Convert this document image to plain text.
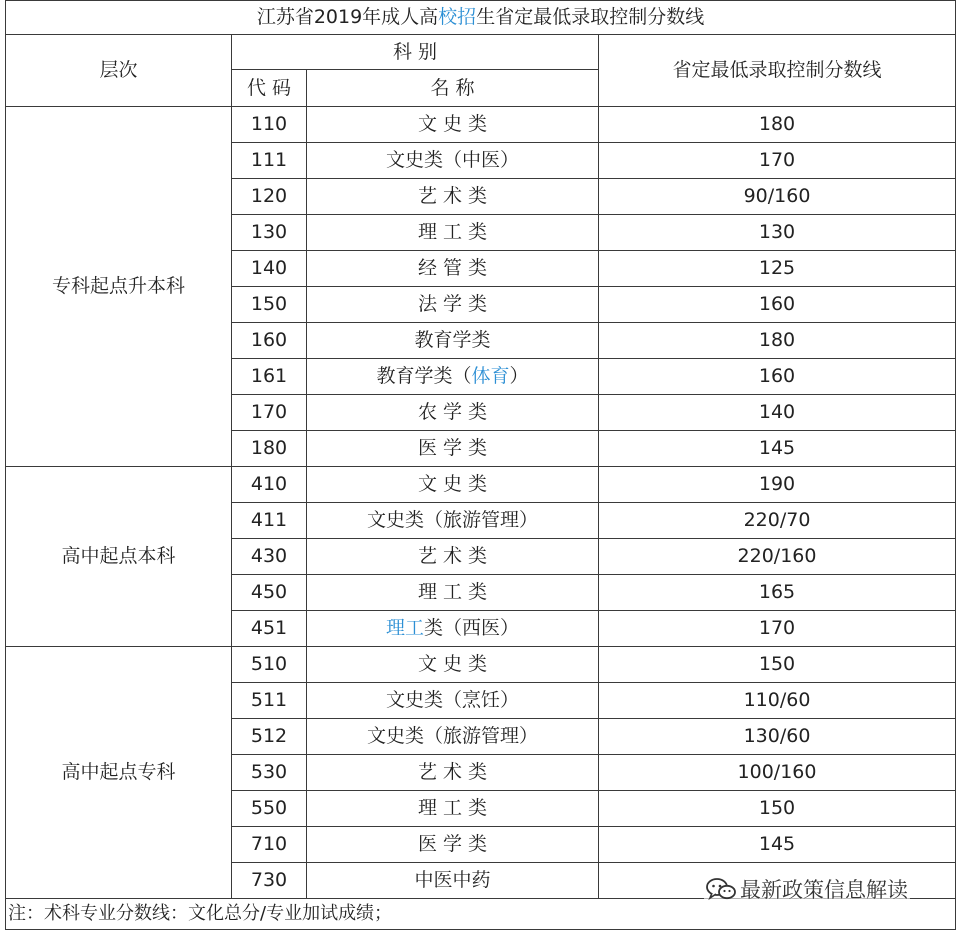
江苏省2019年成人高校招生省定最低录取控制分数线			
层次	科 别		省定最低录取控制分数线
	代 码	名 称	
专科起点升本科	110	文 史 类	180
	111	文史类（中医）	170
	120	艺 术 类	90/160
	130	理 工 类	130
	140	经 管 类	125
	150	法 学 类	160
	160	教育学类	180
	161	教育学类（体育）	160
	170	农 学 类	140
	180	医 学 类	145
高中起点本科	410	文 史 类	190
	411	文史类（旅游管理）	220/70
	430	艺 术 类	220/160
	450	理 工 类	165
	451	理工类（西医）	170
高中起点专科	510	文 史 类	150
	511	文史类（烹饪）	110/60
	512	文史类（旅游管理）	130/60
	530	艺 术 类	100/160
	550	理 工 类	150
	710	医 学 类	145
	730	中医中药	
注：术科专业分数线：文化总分/专业加试成绩；			
最新政策信息解读
